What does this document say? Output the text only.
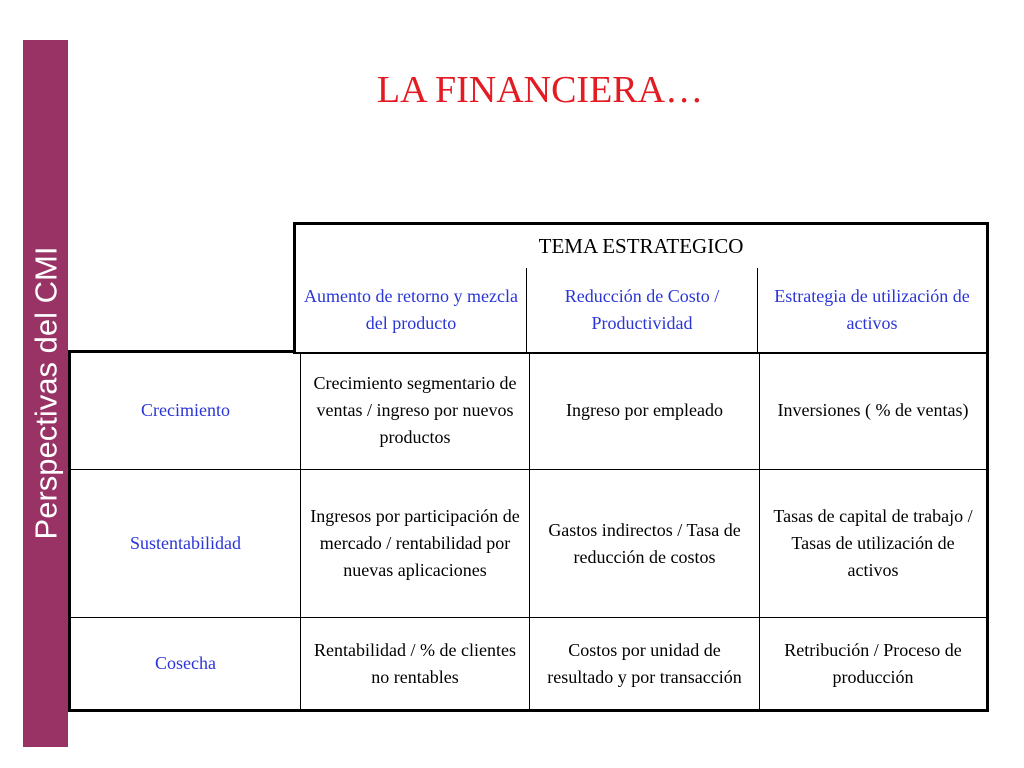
Perspectivas del CMI
LA FINANCIERA…
TEMA ESTRATEGICO
Aumento de retorno y mezcla del producto
Reducción de Costo / Productividad
Estrategia de utilización de activos
Crecimiento
Crecimiento segmentario de ventas / ingreso por nuevos productos
Ingreso por empleado	Inversiones ( % de ventas)
Sustentabilidad
Ingresos por participación de mercado / rentabilidad por nuevas aplicaciones
Gastos indirectos / Tasa de reducción de costos
Tasas de capital de trabajo / Tasas de utilización de activos
Cosecha
Rentabilidad / % de clientes no rentables
Costos por unidad de resultado y por transacción
Retribución / Proceso de producción
